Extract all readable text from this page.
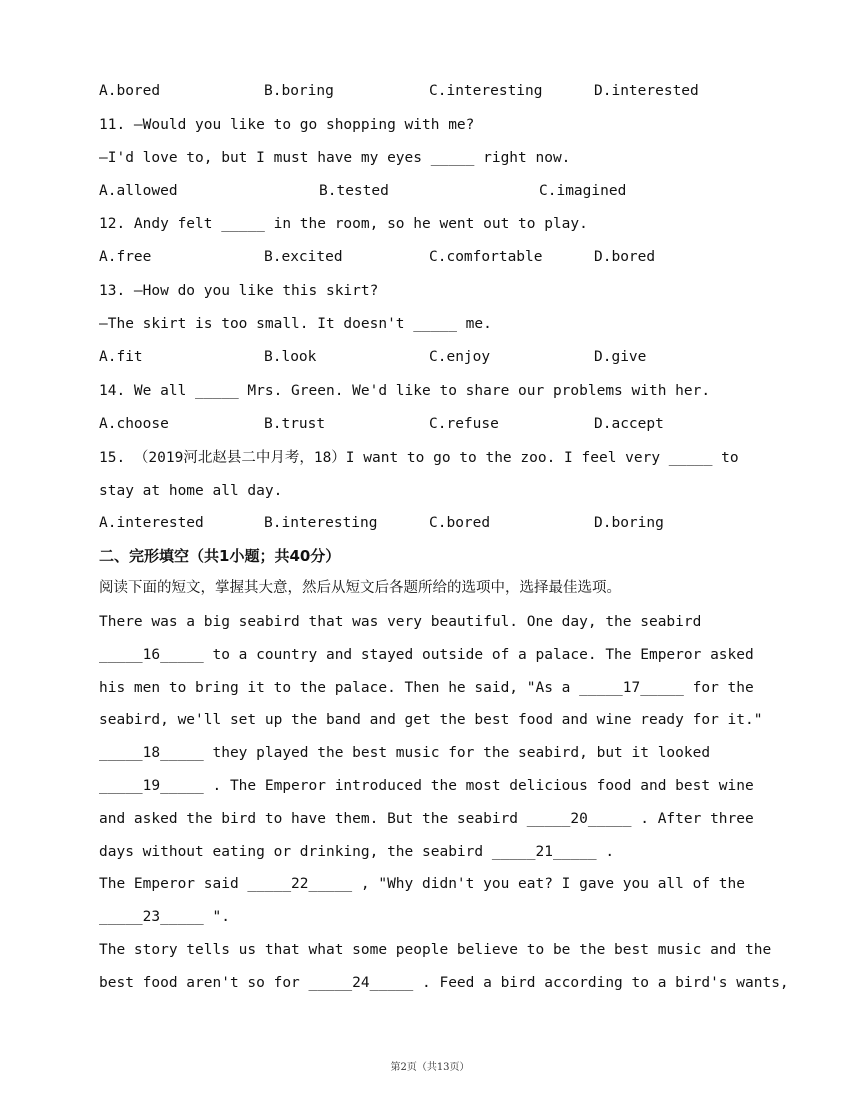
A.bored	B.boring	C.interesting	D.interested
11. —Would you like to go shopping with me?
—I'd love to, but I must have my eyes _____ right now.
A.allowed	B.tested	C.imagined
12. Andy felt _____ in the room, so he went out to play.
A.free	B.excited	C.comfortable	D.bored
13. —How do you like this skirt?
—The skirt is too small. It doesn't _____ me.
A.fit	B.look	C.enjoy	D.give
14. We all _____ Mrs. Green. We'd like to share our problems with her.
A.choose	B.trust	C.refuse	D.accept
15. （2019河北赵县二中月考，18）I want to go to the zoo. I feel very _____ to
stay at home all day.
A.interested	B.interesting	C.bored	D.boring
二、完形填空（共1小题；共40分）
阅读下面的短文，掌握其大意，然后从短文后各题所给的选项中，选择最佳选项。
There was a big seabird that was very beautiful. One day, the seabird
_____16_____ to a country and stayed outside of a palace. The Emperor asked
his men to bring it to the palace. Then he said, "As a _____17_____ for the
seabird, we'll set up the band and get the best food and wine ready for it."
_____18_____ they played the best music for the seabird, but it looked
_____19_____ . The Emperor introduced the most delicious food and best wine
and asked the bird to have them. But the seabird _____20_____ . After three
days without eating or drinking, the seabird _____21_____ .
The Emperor said _____22_____ , "Why didn't you eat? I gave you all of the
_____23_____ ".
The story tells us that what some people believe to be the best music and the
best food aren't so for _____24_____ . Feed a bird according to a bird's wants,
第2页（共13页）
